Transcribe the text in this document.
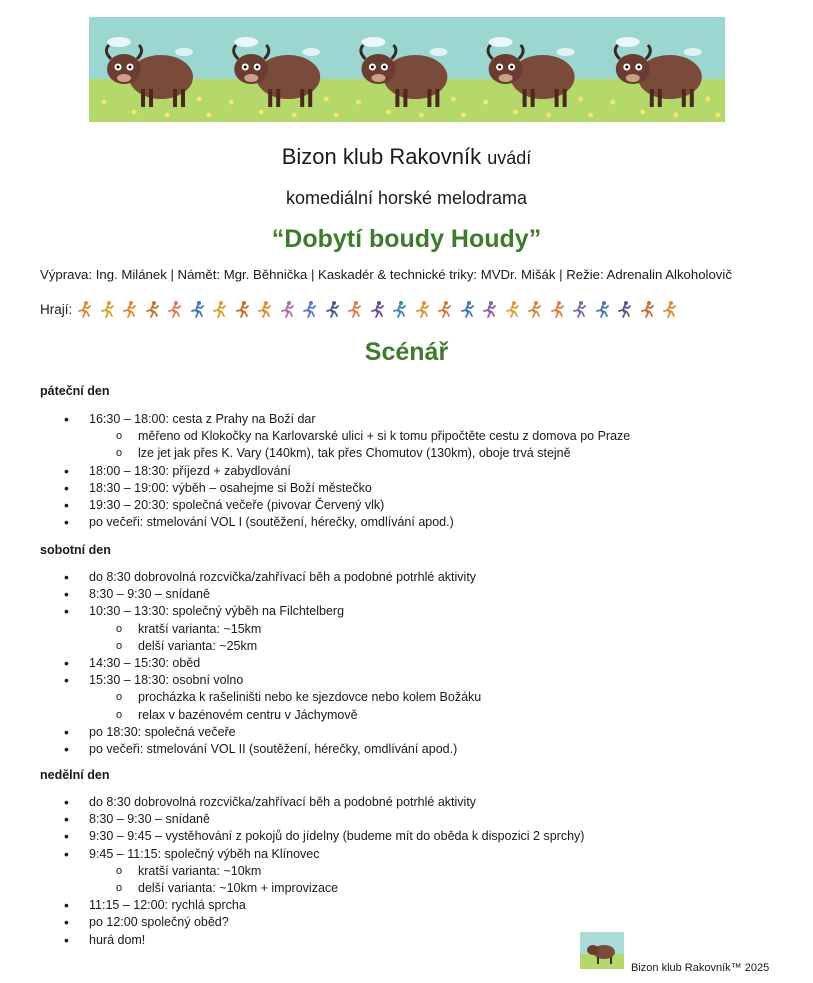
Bizon klub Rakovník uvádí
komediální horské melodrama
“Dobytí boudy Houdy”
Výprava: Ing. Milánek | Námět: Mgr. Běhnička | Kaskadér & technické triky: MVDr. Mišák | Režie: Adrenalin Alkoholovič
Hrají:
Scénář
páteční den
• 16:30 – 18:00: cesta z Prahy na Boží dar
o měřeno od Klokočky na Karlovarské ulici + si k tomu připočtěte cestu z domova po Praze
o lze jet jak přes K. Vary (140km), tak přes Chomutov (130km), oboje trvá stejně
• 18:00 – 18:30: příjezd + zabydlování
• 18:30 – 19:00: výběh – osahejme si Boží městečko
• 19:30 – 20:30: společná večeře (pivovar Červený vlk)
• po večeři: stmelování VOL I (soutěžení, hérečky, omdlívání apod.)
sobotní den
• do 8:30 dobrovolná rozcvička/zahřívací běh a podobné potrhlé aktivity
• 8:30 – 9:30 – snídaně
• 10:30 – 13:30: společný výběh na Filchtelberg
o kratší varianta: ~15km
o delší varianta: ~25km
• 14:30 – 15:30: oběd
• 15:30 – 18:30: osobní volno
o procházka k rašeliništi nebo ke sjezdovce nebo kolem Božáku
o relax v bazénovém centru v Jáchymově
• po 18:30: společná večeře
• po večeři: stmelování VOL II (soutěžení, hérečky, omdlívání apod.)
nedělní den
• do 8:30 dobrovolná rozcvička/zahřívací běh a podobné potrhlé aktivity
• 8:30 – 9:30 – snídaně
• 9:30 – 9:45 – vystěhování z pokojů do jídelny (budeme mít do oběda k dispozici 2 sprchy)
• 9:45 – 11:15: společný výběh na Klínovec
o kratší varianta: ~10km
o delší varianta: ~10km + improvizace
• 11:15 – 12:00: rychlá sprcha
• po 12:00 společný oběd?
• hurá dom!
Bizon klub Rakovník™ 2025
